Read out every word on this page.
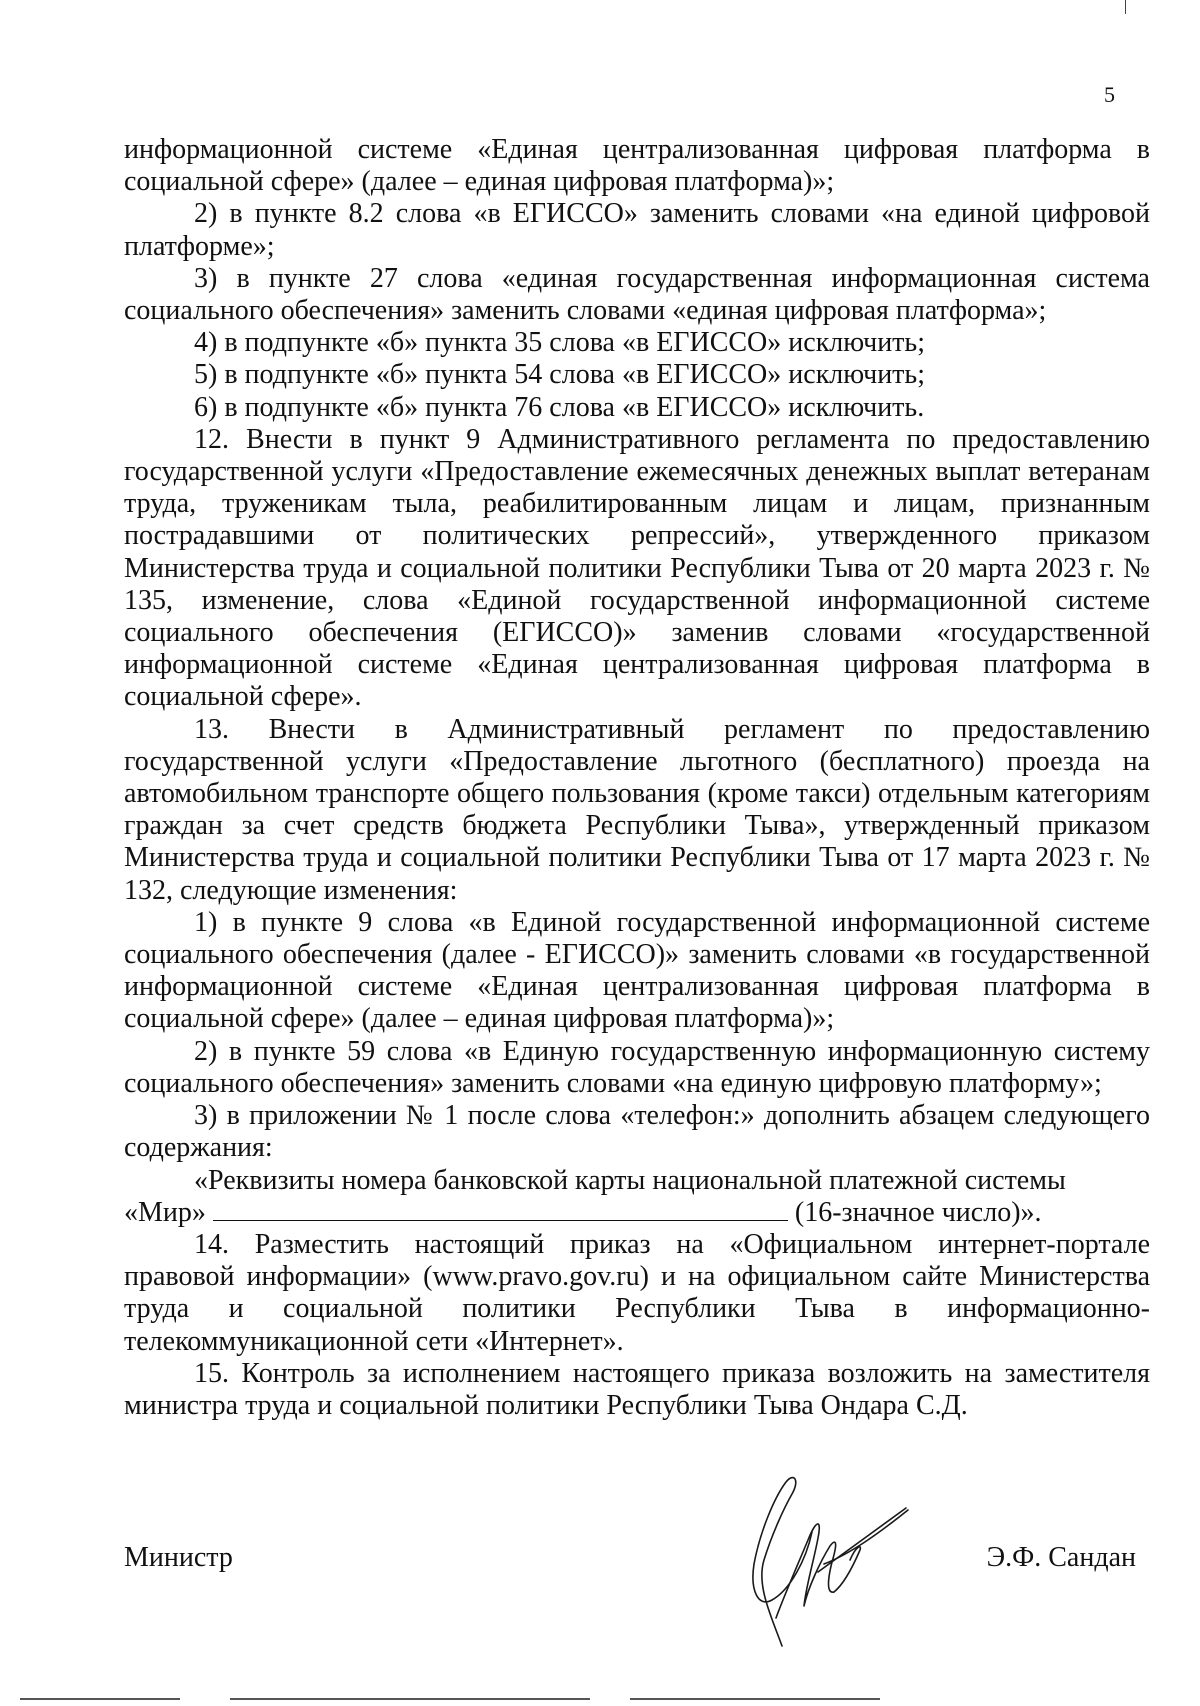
5

информационной системе «Единая централизованная цифровая платформа в социальной сфере» (далее – единая цифровая платформа)»;

2) в пункте 8.2 слова «в ЕГИССО» заменить словами «на единой цифровой платформе»;

3) в пункте 27 слова «единая государственная информационная система социального обеспечения» заменить словами «единая цифровая платформа»;

4) в подпункте «б» пункта 35 слова «в ЕГИССО» исключить;

5) в подпункте «б» пункта 54 слова «в ЕГИССО» исключить;

6) в подпункте «б» пункта 76 слова «в ЕГИССО» исключить.

12. Внести в пункт 9 Административного регламента по предоставлению государственной услуги «Предоставление ежемесячных денежных выплат ветеранам труда, труженикам тыла, реабилитированным лицам и лицам, признанным пострадавшими от политических репрессий», утвержденного приказом Министерства труда и социальной политики Республики Тыва от 20 марта 2023 г. № 135, изменение, слова «Единой государственной информационной системе социального обеспечения (ЕГИССО)» заменив словами «государственной информационной системе «Единая централизованная цифровая платформа в социальной сфере».

13. Внести в Административный регламент по предоставлению государственной услуги «Предоставление льготного (бесплатного) проезда на автомобильном транспорте общего пользования (кроме такси) отдельным категориям граждан за счет средств бюджета Республики Тыва», утвержденный приказом Министерства труда и социальной политики Республики Тыва от 17 марта 2023 г. № 132, следующие изменения:

1) в пункте 9 слова «в Единой государственной информационной системе социального обеспечения (далее - ЕГИССО)» заменить словами «в государственной информационной системе «Единая централизованная цифровая платформа в социальной сфере» (далее – единая цифровая платформа)»;

2) в пункте 59 слова «в Единую государственную информационную систему социального обеспечения» заменить словами «на единую цифровую платформу»;

3) в приложении № 1 после слова «телефон:» дополнить абзацем следующего содержания:

«Реквизиты номера банковской карты национальной платежной системы

«Мир»	(16-значное число)».

14. Разместить настоящий приказ на «Официальном интернет-портале правовой информации» (www.pravo.gov.ru) и на официальном сайте Министерства труда и социальной политики Республики Тыва в информационно-телекоммуникационной сети «Интернет».

15. Контроль за исполнением настоящего приказа возложить на заместителя министра труда и социальной политики Республики Тыва Ондара С.Д.

Министр	Э.Ф. Сандан
